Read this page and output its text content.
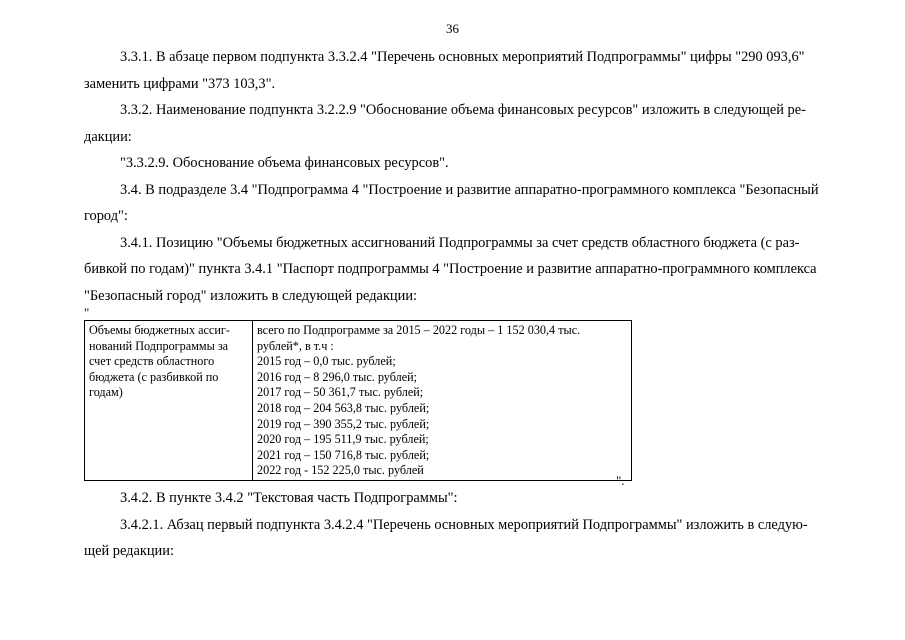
36

3.3.1. В абзаце первом подпункта 3.3.2.4 "Перечень основных мероприятий Подпрограммы" цифры "290 093,6"
заменить цифрами "373 103,3".

3.3.2. Наименование подпункта 3.2.2.9 "Обоснование объема финансовых ресурсов" изложить в следующей ре-
дакции:

"3.3.2.9. Обоснование объема финансовых ресурсов".

3.4. В подразделе 3.4 "Подпрограмма 4 "Построение и развитие аппаратно-программного комплекса "Безопасный
город":

3.4.1. Позицию "Объемы бюджетных ассигнований Подпрограммы за счет средств областного бюджета (с раз-
бивкой по годам)" пункта 3.4.1 "Паспорт подпрограммы 4 "Построение и развитие аппаратно-программного комплекса
"Безопасный город" изложить в следующей редакции:

"
Объемы бюджетных ассиг-
нований Подпрограммы за
счет средств областного
бюджета (с разбивкой по
годам)

всего по Подпрограмме за 2015 – 2022 годы – 1 152 030,4 тыс.
рублей*, в т.ч :
2015 год – 0,0 тыс. рублей;
2016 год – 8 296,0 тыс. рублей;
2017 год – 50 361,7 тыс. рублей;
2018 год – 204 563,8 тыс. рублей;
2019 год – 390 355,2 тыс. рублей;
2020 год – 195 511,9 тыс. рублей;
2021 год – 150 716,8 тыс. рублей;
2022 год - 152 225,0 тыс. рублей
".

3.4.2. В пункте 3.4.2 "Текстовая часть Подпрограммы":

3.4.2.1. Абзац первый подпункта 3.4.2.4 "Перечень основных мероприятий Подпрограммы" изложить в следую-
щей редакции:
